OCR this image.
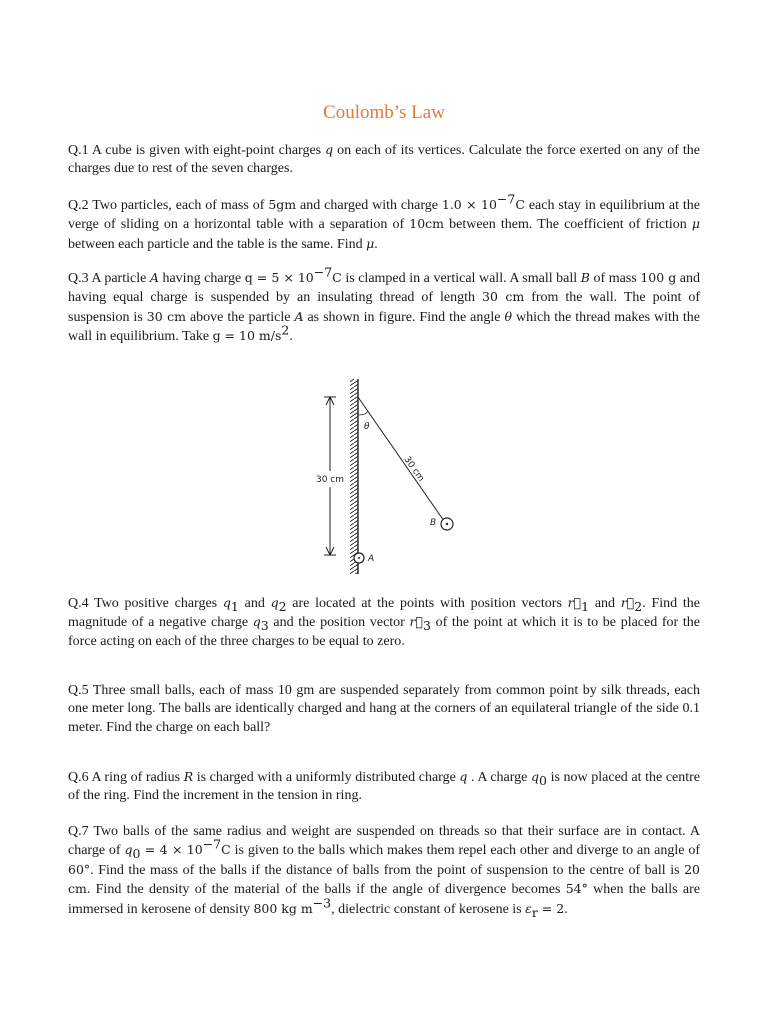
Coulomb’s Law

Q.1 A cube is given with eight-point charges q on each of its vertices. Calculate the force exerted on any of the charges due to rest of the seven charges.

Q.2 Two particles, each of mass of 5gm and charged with charge $1.0 \times 10^{-7}C$ each stay in equilibrium at the verge of sliding on a horizontal table with a separation of 10cm between them. The coefficient of friction μ between each particle and the table is the same. Find μ.

Q.3 A particle A having charge $q = 5 \times 10^{-7}C$ is clamped in a vertical wall. A small ball B of mass 100 g and having equal charge is suspended by an insulating thread of length 30 cm from the wall. The point of suspension is 30 cm above the particle A as shown in figure. Find the angle θ which the thread makes with the wall in equilibrium. Take g = 10 $m/s^2$.

30 cm
θ
30 cm
B
A

Q.4 Two positive charges $q_1$ and $q_2$ are located at the points with position vectors $r⃗_1$ and $r⃗_2$. Find the magnitude of a negative charge $q_3$ and the position vector $r⃗_3$ of the point at which it is to be placed for the force acting on each of the three charges to be equal to zero.

Q.5 Three small balls, each of mass 10 gm are suspended separately from common point by silk threads, each one meter long. The balls are identically charged and hang at the corners of an equilateral triangle of the side 0.1 meter. Find the charge on each ball?

Q.6 A ring of radius R is charged with a uniformly distributed charge q . A charge $q_0$ is now placed at the centre of the ring. Find the increment in the tension in ring.

Q.7 Two balls of the same radius and weight are suspended on threads so that their surface are in contact. A charge of $q_0 = 4 \times 10^{-7}C$ is given to the balls which makes them repel each other and diverge to an angle of 60°. Find the mass of the balls if the distance of balls from the point of suspension to the centre of ball is 20 cm. Find the density of the material of the balls if the angle of divergence becomes 54° when the balls are immersed in kerosene of density 800 kg $m^{-3}$, dielectric constant of kerosene is $\varepsilon_r = 2$.
